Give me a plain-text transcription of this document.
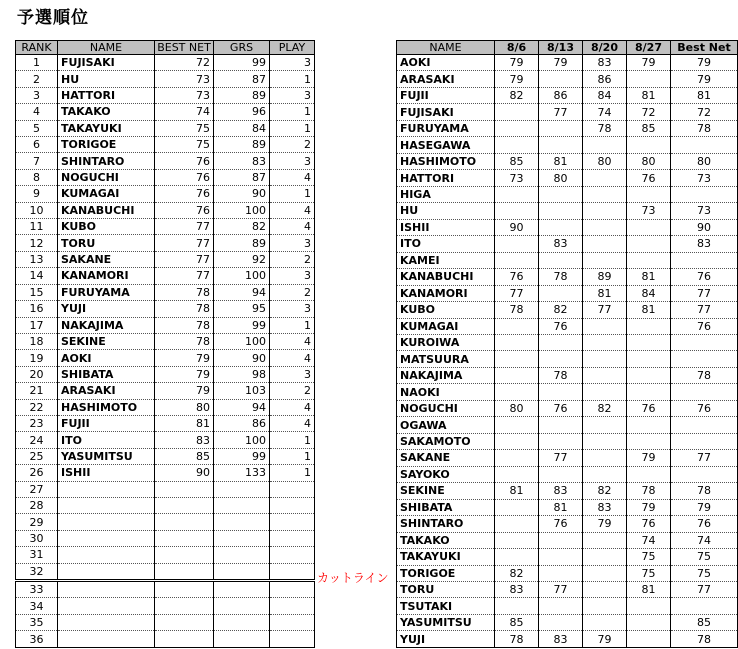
予選順位
RANK	NAME	BEST NET	GRS	PLAY
1	FUJISAKI	72	99	3
2	HU	73	87	1
3	HATTORI	73	89	3
4	TAKAKO	74	96	1
5	TAKAYUKI	75	84	1
6	TORIGOE	75	89	2
7	SHINTARO	76	83	3
8	NOGUCHI	76	87	4
9	KUMAGAI	76	90	1
10	KANABUCHI	76	100	4
11	KUBO	77	82	4
12	TORU	77	89	3
13	SAKANE	77	92	2
14	KANAMORI	77	100	3
15	FURUYAMA	78	94	2
16	YUJI	78	95	3
17	NAKAJIMA	78	99	1
18	SEKINE	78	100	4
19	AOKI	79	90	4
20	SHIBATA	79	98	3
21	ARASAKI	79	103	2
22	HASHIMOTO	80	94	4
23	FUJII	81	86	4
24	ITO	83	100	1
25	YASUMITSU	85	99	1
26	ISHII	90	133	1
27				
28				
29				
30				
31				
32				
33				
34				
35				
36				
カットライン
NAME	8/6	8/13	8/20	8/27	Best Net
AOKI	79	79	83	79	79
ARASAKI	79		86		79
FUJII	82	86	84	81	81
FUJISAKI		77	74	72	72
FURUYAMA			78	85	78
HASEGAWA					
HASHIMOTO	85	81	80	80	80
HATTORI	73	80		76	73
HIGA					
HU				73	73
ISHII	90				90
ITO		83			83
KAMEI					
KANABUCHI	76	78	89	81	76
KANAMORI	77		81	84	77
KUBO	78	82	77	81	77
KUMAGAI		76			76
KUROIWA					
MATSUURA					
NAKAJIMA		78			78
NAOKI					
NOGUCHI	80	76	82	76	76
OGAWA					
SAKAMOTO					
SAKANE		77		79	77
SAYOKO					
SEKINE	81	83	82	78	78
SHIBATA		81	83	79	79
SHINTARO		76	79	76	76
TAKAKO				74	74
TAKAYUKI				75	75
TORIGOE	82			75	75
TORU	83	77		81	77
TSUTAKI					
YASUMITSU	85				85
YUJI	78	83	79		78
